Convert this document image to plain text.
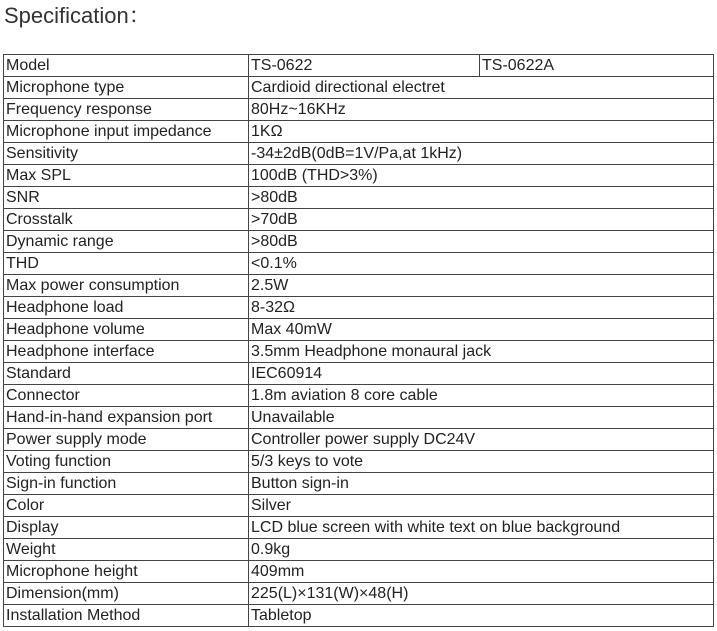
Specification：
Model	TS-0622	TS-0622A
Microphone type	Cardioid directional electret	
Frequency response	80Hz~16KHz	
Microphone input impedance	1KΩ	
Sensitivity	-34±2dB(0dB=1V/Pa,at 1kHz)	
Max SPL	100dB (THD>3%)	
SNR	>80dB	
Crosstalk	>70dB	
Dynamic range	>80dB	
THD	<0.1%	
Max power consumption	2.5W	
Headphone load	8-32Ω	
Headphone volume	Max 40mW	
Headphone interface	3.5mm Headphone monaural jack	
Standard	IEC60914	
Connector	1.8m aviation 8 core cable	
Hand-in-hand expansion port	Unavailable	
Power supply mode	Controller power supply DC24V	
Voting function	5/3 keys to vote	
Sign-in function	Button sign-in	
Color	Silver	
Display	LCD blue screen with white text on blue background	
Weight	0.9kg	
Microphone height	409mm	
Dimension(mm)	225(L)×131(W)×48(H)	
Installation Method	Tabletop	
